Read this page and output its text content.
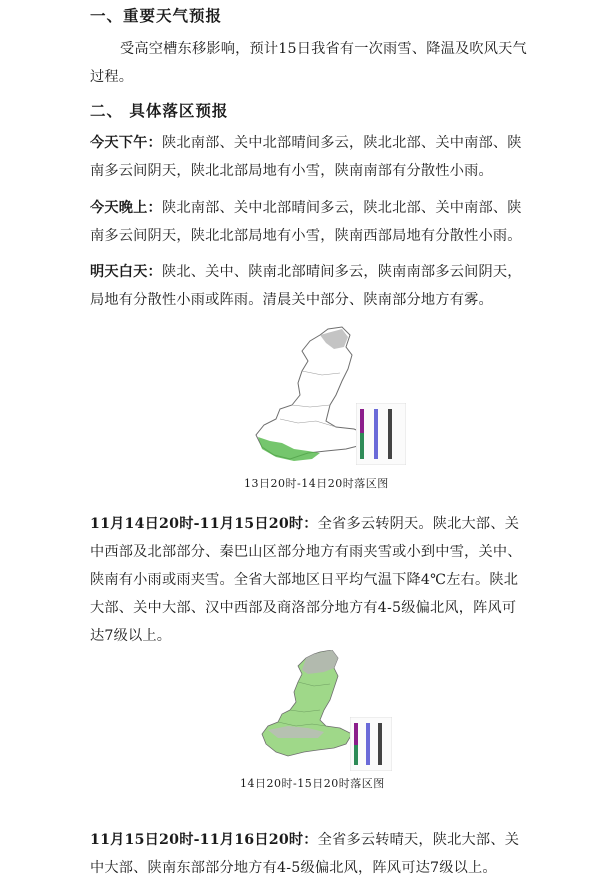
一、重要天气预报
受高空槽东移影响，预计15日我省有一次雨雪、降温及吹风天气过程。
二、 具体落区预报
今天下午：陕北南部、关中北部晴间多云，陕北北部、关中南部、陕南多云间阴天，陕北北部局地有小雪，陕南南部有分散性小雨。
今天晚上：陕北南部、关中北部晴间多云，陕北北部、关中南部、陕南多云间阴天，陕北北部局地有小雪，陕南西部局地有分散性小雨。
明天白天：陕北、关中、陕南北部晴间多云，陕南南部多云间阴天，局地有分散性小雨或阵雨。清晨关中部分、陕南部分地方有雾。
13日20时-14日20时落区图
11月14日20时-11月15日20时：全省多云转阴天。陕北大部、关中西部及北部部分、秦巴山区部分地方有雨夹雪或小到中雪，关中、陕南有小雨或雨夹雪。全省大部地区日平均气温下降4℃左右。陕北大部、关中大部、汉中西部及商洛部分地方有4-5级偏北风，阵风可达7级以上。
14日20时-15日20时落区图
11月15日20时-11月16日20时：全省多云转晴天，陕北大部、关中大部、陕南东部部分地方有4-5级偏北风，阵风可达7级以上。
